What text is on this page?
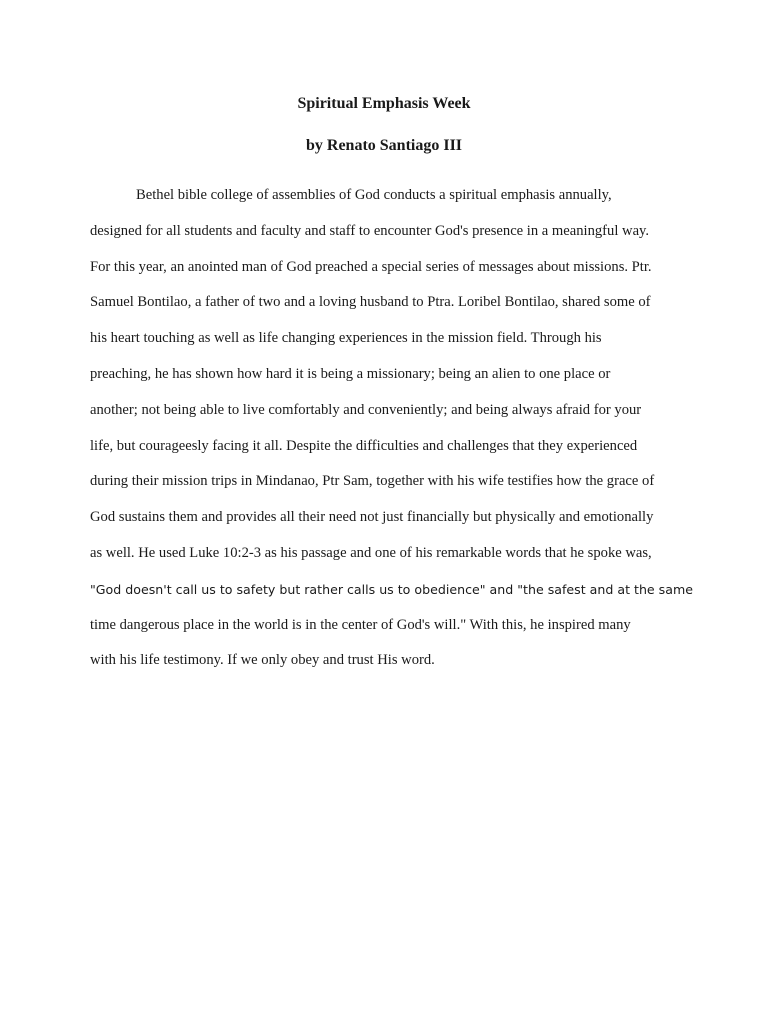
Spiritual Emphasis Week
by Renato Santiago III
Bethel bible college of assemblies of God conducts a spiritual emphasis annually,
designed for all students and faculty and staff to encounter God's presence in a meaningful way.
For this year, an anointed man of God preached a special series of messages about missions. Ptr.
Samuel Bontilao, a father of two and a loving husband to Ptra. Loribel Bontilao, shared some of
his heart touching as well as life changing experiences in the mission field. Through his
preaching, he has shown how hard it is being a missionary; being an alien to one place or
another; not being able to live comfortably and conveniently; and being always afraid for your
life, but courageesly facing it all. Despite the difficulties and challenges that they experienced
during their mission trips in Mindanao, Ptr Sam, together with his wife testifies how the grace of
God sustains them and provides all their need not just financially but physically and emotionally
as well. He used Luke 10:2-3 as his passage and one of his remarkable words that he spoke was,
"God doesn't call us to safety but rather calls us to obedience" and "the safest and at the same
time dangerous place in the world is in the center of God's will." With this, he inspired many
with his life testimony. If we only obey and trust His word.
